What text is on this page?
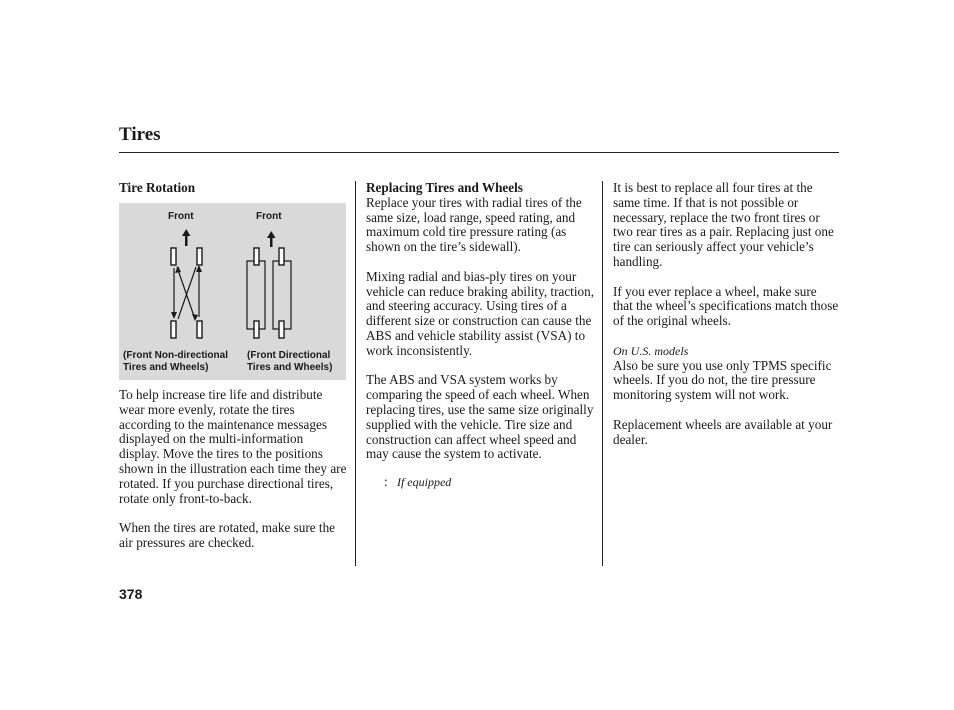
Tires
Tire Rotation
Front	Front
(Front Non-directional
Tires and Wheels)
(Front Directional
Tires and Wheels)

To help increase tire life and distribute wear more evenly, rotate the tires according to the maintenance messages displayed on the multi-information display. Move the tires to the positions shown in the illustration each time they are rotated. If you purchase directional tires, rotate only front-to-back.

When the tires are rotated, make sure the air pressures are checked.

Replacing Tires and Wheels

Replace your tires with radial tires of the same size, load range, speed rating, and maximum cold tire pressure rating (as shown on the tire’s sidewall).

Mixing radial and bias-ply tires on your vehicle can reduce braking ability, traction, and steering accuracy. Using tires of a different size or construction can cause the ABS and vehicle stability assist (VSA) to work inconsistently.

The ABS and VSA system works by comparing the speed of each wheel. When replacing tires, use the same size originally supplied with the vehicle. Tire size and construction can affect wheel speed and may cause the system to activate.

: If equipped

It is best to replace all four tires at the same time. If that is not possible or necessary, replace the two front tires or two rear tires as a pair. Replacing just one tire can seriously affect your vehicle’s handling.

If you ever replace a wheel, make sure that the wheel’s specifications match those of the original wheels.

On U.S. models

Also be sure you use only TPMS specific wheels. If you do not, the tire pressure monitoring system will not work.

Replacement wheels are available at your dealer.

378
